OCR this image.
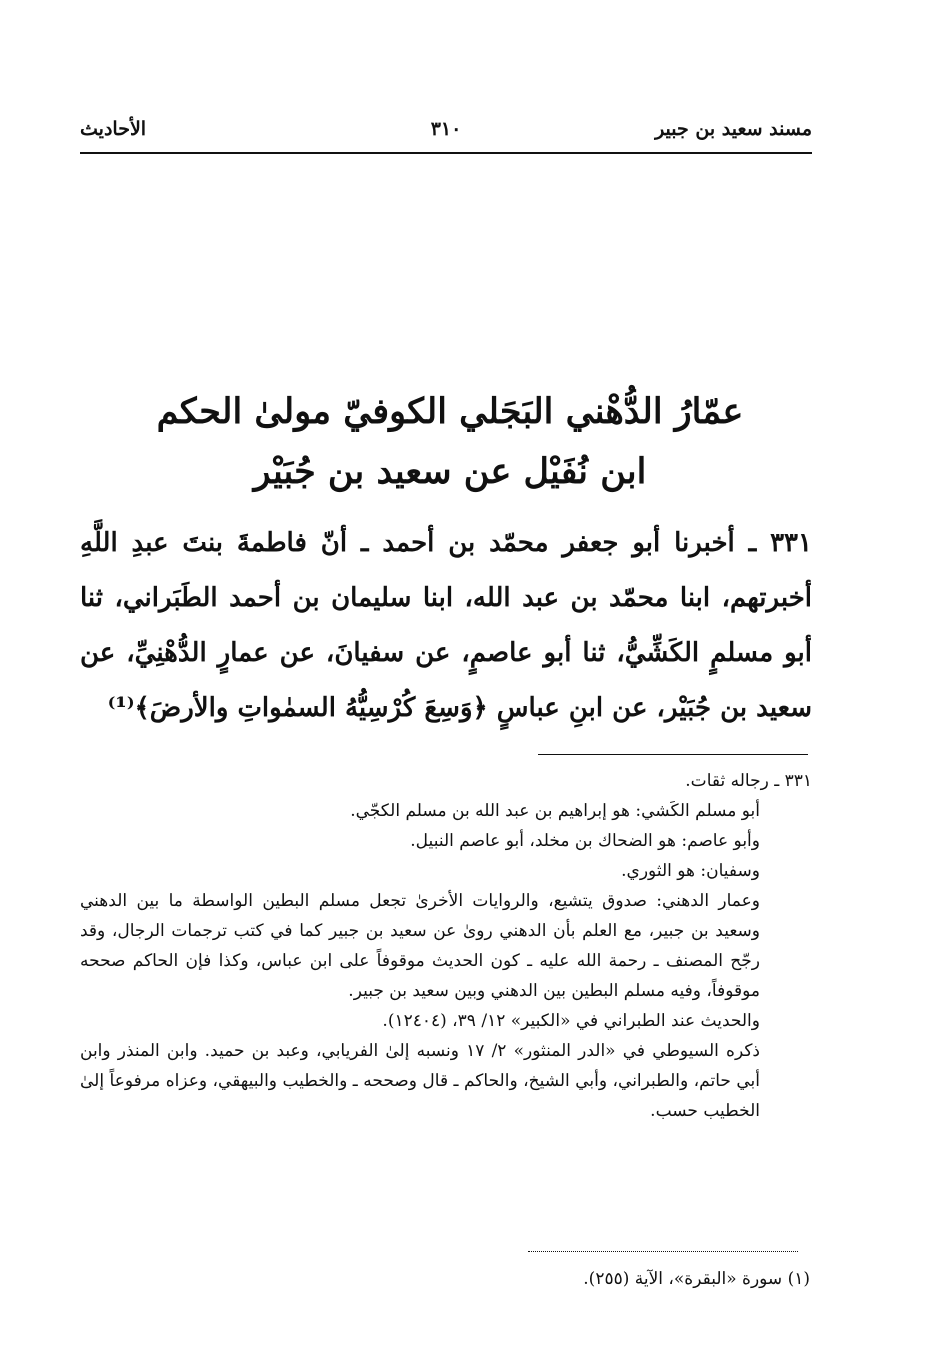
مسند سعيد بن جبير
٣١٠
الأحاديث
عمّارُ الدُّهْني البَجَلي الكوفيّ مولىٰ الحكم
ابن نُفَيْل عن سعيد بن جُبَيْر
٣٣١ ـ أخبرنا أبو جعفر محمّد بن أحمد ـ أنّ فاطمةَ بنتَ عبدِ اللَّهِ أخبرتهم، ابنا محمّد بن عبد الله، ابنا سليمان بن أحمد الطَبَراني، ثنا أبو مسلمٍ الكَشِّيُّ، ثنا أبو عاصمٍ، عن سفيانَ، عن عمارٍ الدُّهْنِيِّ، عن سعيد بن جُبَيْر، عن ابنِ عباسٍ ﴿وَسِعَ كُرْسِيُّهُ السمٰواتِ والأرضَ﴾⁽¹⁾

٣٣١ ـ رجاله ثقات.

أبو مسلم الكَشي: هو إبراهيم بن عبد الله بن مسلم الكجّي.

وأبو عاصم: هو الضحاك بن مخلد، أبو عاصم النبيل.

وسفيان: هو الثوري.

وعمار الدهني: صدوق يتشيع، والروايات الأخرىٰ تجعل مسلم البطين الواسطة ما بين الدهني وسعيد بن جبير، مع العلم بأن الدهني روىٰ عن سعيد بن جبير كما في كتب ترجمات الرجال، وقد رجّح المصنف ـ رحمة الله عليه ـ كون الحديث موقوفاً على ابن عباس، وكذا فإن الحاكم صححه موقوفاً، وفيه مسلم البطين بين الدهني وبين سعيد بن جبير.

والحديث عند الطبراني في «الكبير» ١٢/ ٣٩، (١٢٤٠٤).

ذكره السيوطي في «الدر المنثور» ٢/ ١٧ ونسبه إلىٰ الفريابي، وعبد بن حميد. وابن المنذر وابن أبي حاتم، والطبراني، وأبي الشيخ، والحاكم ـ قال وصححه ـ والخطيب والبيهقي، وعزاه مرفوعاً إلىٰ الخطيب حسب.

(١) سورة «البقرة»، الآية (٢٥٥).
